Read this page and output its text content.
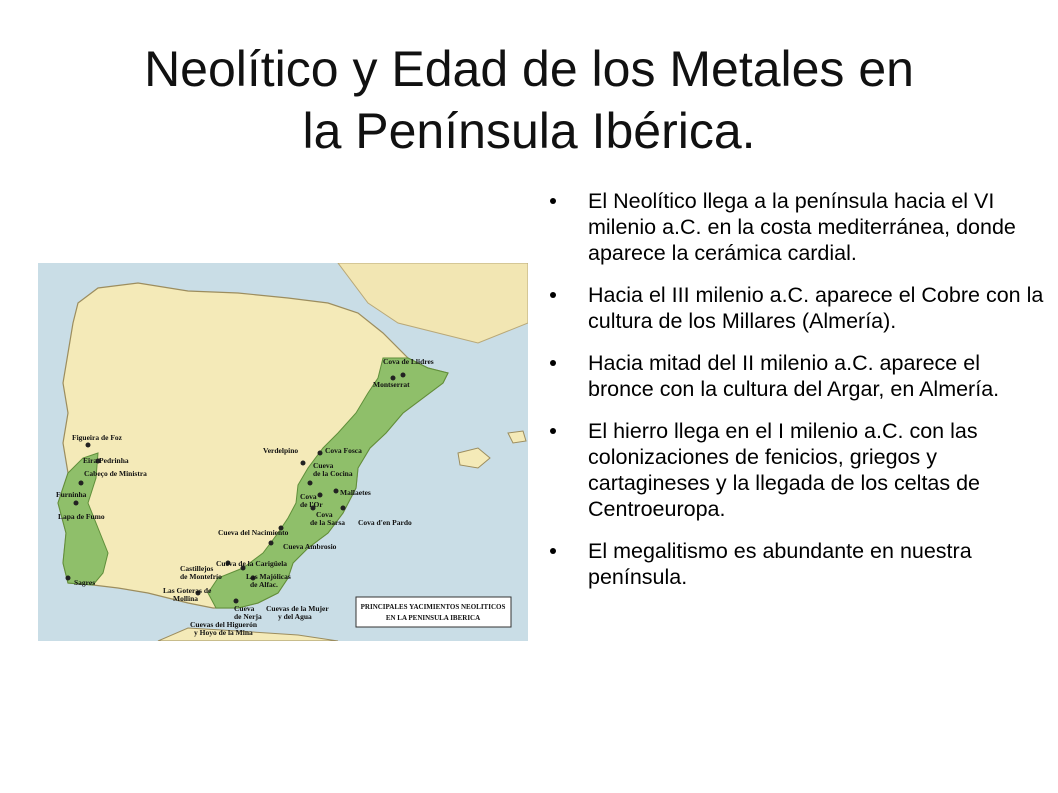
Neolítico y Edad de los Metales en
la Península Ibérica.
Cova de Llidres
Montserrat
Figueira de Foz
Eira Pedrinha
Cabeço de Ministra
Furninha
Lapa de Fumo
Sagres
Verdelpino	Cova Fosca
Cueva
de la Cocina
Mallaetes
Cova
de l'Or
Cova
de la Sarsa Cova d'en Pardo
Cueva del Nacimiento
Cueva Ambrosio
Cueva de la Carigüela
Castillejos
de Montefrío	Las Majólicas
de Alfac.
Las Goteras de
Mollina
Cueva
de Nerja
Cuevas de la Mujer
y del Agua
Cuevas del Higuerón
y Hoyo de la Mina
PRINCIPALES YACIMIENTOS NEOLITICOS
EN LA PENINSULA IBERICA
El Neolítico llega a la península hacia el VI milenio a.C. en la costa mediterránea, donde aparece la cerámica cardial.
Hacia el III milenio a.C. aparece el Cobre con la cultura de los Millares (Almería).
Hacia mitad del II milenio a.C. aparece el bronce con la cultura del Argar, en Almería.
El hierro llega en el I milenio a.C. con las colonizaciones de fenicios, griegos y cartagineses y la llegada de los celtas de Centroeuropa.
El megalitismo es abundante en nuestra península.
